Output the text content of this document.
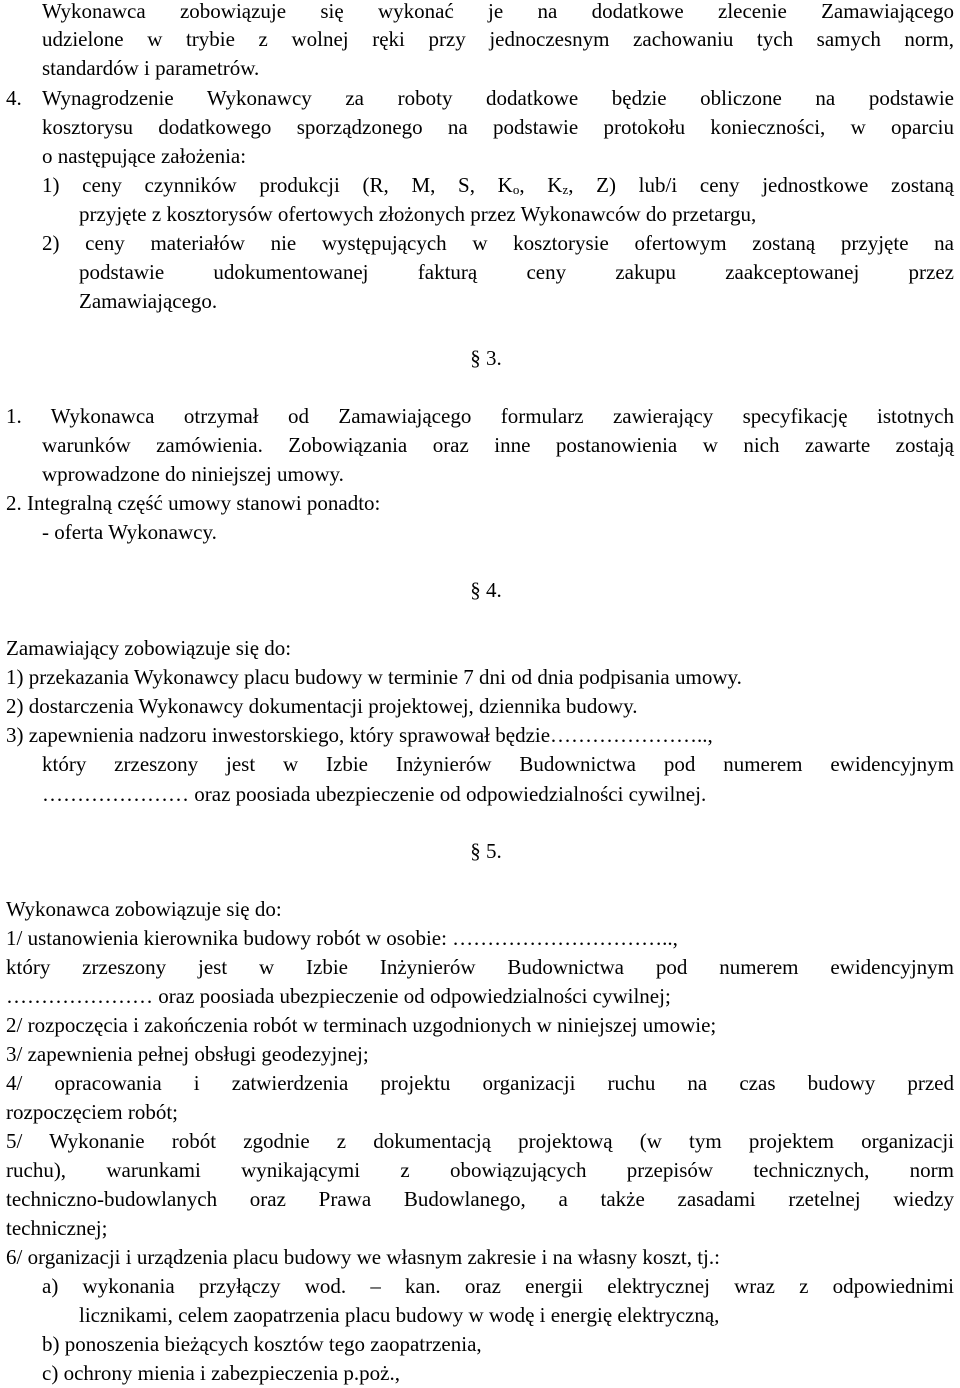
Wykonawca zobowiązuje się wykonać je na dodatkowe zlecenie Zamawiającego
udzielone w trybie z wolnej ręki przy jednoczesnym zachowaniu tych samych norm,
standardów i parametrów.
4. Wynagrodzenie Wykonawcy za roboty dodatkowe będzie obliczone na podstawie
kosztorysu dodatkowego sporządzonego na podstawie protokołu konieczności, w oparciu
o następujące założenia:
1) ceny czynników produkcji (R, M, S, $K_o$, $K_z$, Z) lub/i ceny jednostkowe zostaną
przyjęte z kosztorysów ofertowych złożonych przez Wykonawców do przetargu,
2) ceny materiałów nie występujących w kosztorysie ofertowym zostaną przyjęte na
podstawie udokumentowanej fakturą ceny zakupu zaakceptowanej przez
Zamawiającego.
§ 3.
1. Wykonawca otrzymał od Zamawiającego formularz zawierający specyfikację istotnych
warunków zamówienia. Zobowiązania oraz inne postanowienia w nich zawarte zostają
wprowadzone do niniejszej umowy.
2. Integralną część umowy stanowi ponadto:
- oferta Wykonawcy.
§ 4.
Zamawiający zobowiązuje się do:
1) przekazania Wykonawcy placu budowy w terminie 7 dni od dnia podpisania umowy.
2) dostarczenia Wykonawcy dokumentacji projektowej, dziennika budowy.
3) zapewnienia nadzoru inwestorskiego, który sprawował będzie…………………..,
który zrzeszony jest w Izbie Inżynierów Budownictwa pod numerem ewidencyjnym
………………… oraz poosiada ubezpieczenie od odpowiedzialności cywilnej.
§ 5.
Wykonawca zobowiązuje się do:
1/ ustanowienia kierownika budowy robót w osobie: …………………………..,
który zrzeszony jest w Izbie Inżynierów Budownictwa pod numerem ewidencyjnym
………………… oraz poosiada ubezpieczenie od odpowiedzialności cywilnej;
2/ rozpoczęcia i zakończenia robót w terminach uzgodnionych w niniejszej umowie;
3/ zapewnienia pełnej obsługi geodezyjnej;
4/ opracowania i zatwierdzenia projektu organizacji ruchu na czas budowy przed
rozpoczęciem robót;
5/ Wykonanie robót zgodnie z dokumentacją projektową (w tym projektem organizacji
ruchu), warunkami wynikającymi z obowiązujących przepisów technicznych, norm
techniczno-budowlanych oraz Prawa Budowlanego, a także zasadami rzetelnej wiedzy
technicznej;
6/ organizacji i urządzenia placu budowy we własnym zakresie i na własny koszt, tj.:
a) wykonania przyłączy wod. – kan. oraz energii elektrycznej wraz z odpowiednimi
licznikami, celem zaopatrzenia placu budowy w wodę i energię elektryczną,
b) ponoszenia bieżących kosztów tego zaopatrzenia,
c) ochrony mienia i zabezpieczenia p.poż.,
